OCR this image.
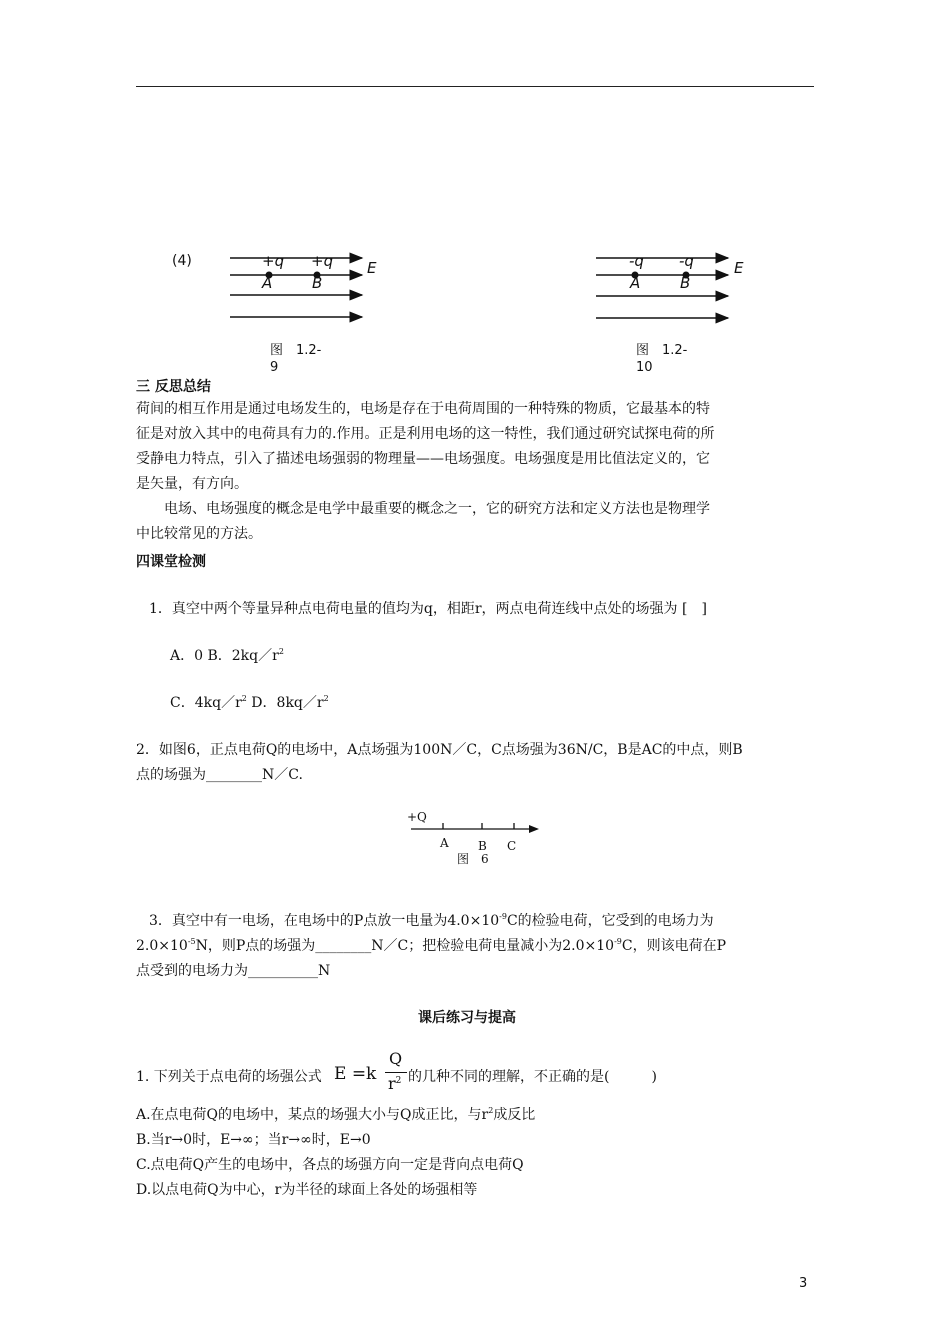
(4)	+q +q
A	B
E
图　1.2-
9
-q -q
A	B
E
图　1.2-
10
三 反思总结
荷间的相互作用是通过电场发生的，电场是存在于电荷周围的一种特殊的物质，它最基本的特
征是对放入其中的电荷具有力的.作用。正是利用电场的这一特性，我们通过研究试探电荷的所
受静电力特点，引入了描述电场强弱的物理量——电场强度。电场强度是用比值法定义的，它
是矢量，有方向。
　　电场、电场强度的概念是电学中最重要的概念之一，它的研究方法和定义方法也是物理学
中比较常见的方法。
四课堂检测
1．真空中两个等量异种点电荷电量的值均为q，相距r，两点电荷连线中点处的场强为 [　]
A．0 B．$2kq/r^2$
C．$4kq/r^2$ D．$8kq/r^2$
2．如图6，正点电荷Q的电场中，A点场强为100N／C，C点场强为36N/C，B是AC的中点，则B
点的场强为________N／C.
+Q
A B C
图　6
3．真空中有一电场，在电场中的P点放一电量为$4.0\times 10^{-9}C$的检验电荷，它受到的电场力为
$2.0\times 10^{-5}N$，则P点的场强为________N／C；把检验电荷电量减小为$2.0\times 10^{-9}C$，则该电荷在P
点受到的电场力为__________N
课后练习与提高
1. 下列关于点电荷的场强公式 E =k
Q
$r^2$ 的几种不同的理解，不正确的是(　　　)
A.在点电荷Q的电场中，某点的场强大小与Q成正比，与$r^2$成反比
B.当r→0时，E→∞；当r→∞时，E→0
C.点电荷Q产生的电场中，各点的场强方向一定是背向点电荷Q
D.以点电荷Q为中心，r为半径的球面上各处的场强相等
3
